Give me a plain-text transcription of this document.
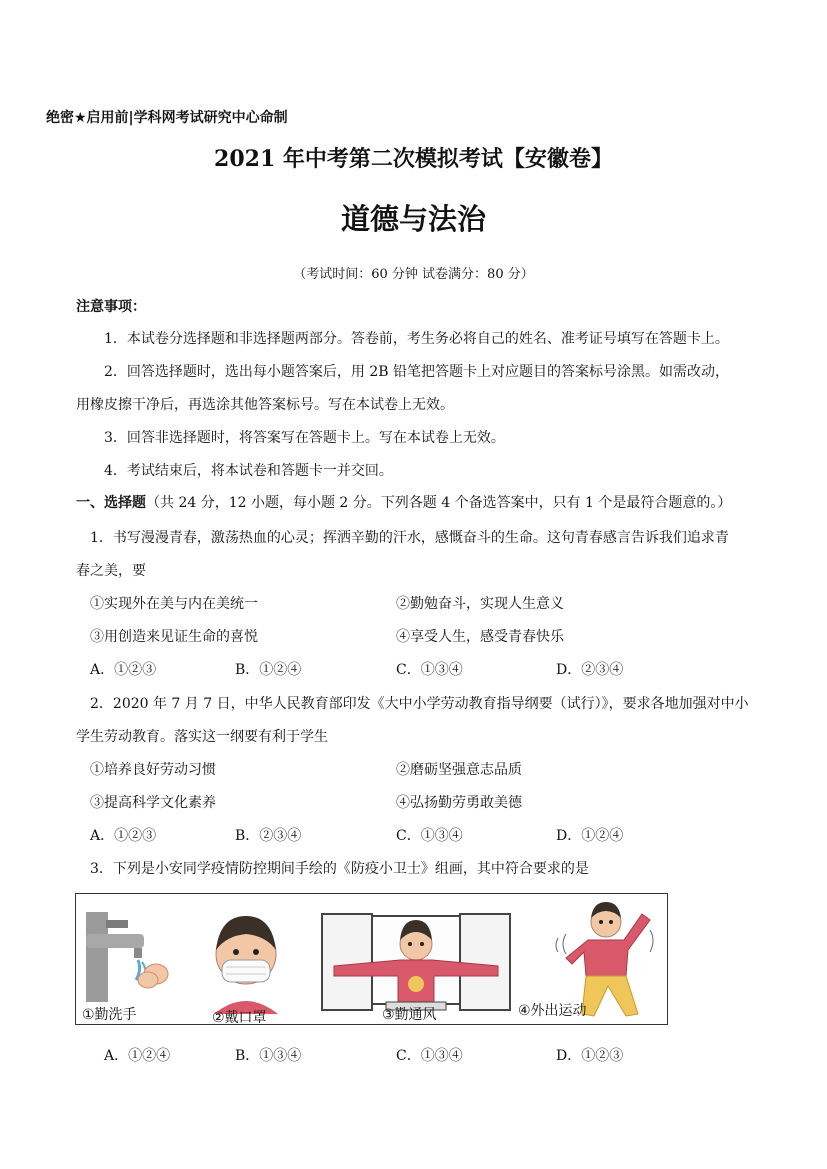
绝密★启用前|学科网考试研究中心命制
2021 年中考第二次模拟考试【安徽卷】
道德与法治
（考试时间：60 分钟 试卷满分：80 分）
注意事项：
1．本试卷分选择题和非选择题两部分。答卷前，考生务必将自己的姓名、准考证号填写在答题卡上。
2．回答选择题时，选出每小题答案后，用 2B 铅笔把答题卡上对应题目的答案标号涂黑。如需改动，
用橡皮擦干净后，再选涂其他答案标号。写在本试卷上无效。
3．回答非选择题时，将答案写在答题卡上。写在本试卷上无效。
4．考试结束后，将本试卷和答题卡一并交回。
一、选择题（共 24 分，12 小题，每小题 2 分。下列各题 4 个备选答案中，只有 1 个是最符合题意的。）
1．书写漫漫青春，激荡热血的心灵；挥洒辛勤的汗水，感慨奋斗的生命。这句青春感言告诉我们追求青
春之美，要
①实现外在美与内在美统一	②勤勉奋斗，实现人生意义
③用创造来见证生命的喜悦	④享受人生，感受青春快乐
A．①②③	B．①②④	C．①③④	D．②③④
2．2020 年 7 月 7 日，中华人民教育部印发《大中小学劳动教育指导纲要（试行）》，要求各地加强对中小
学生劳动教育。落实这一纲要有利于学生
①培养良好劳动习惯	②磨砺坚强意志品质
③提高科学文化素养	④弘扬勤劳勇敢美德
A．①②③	B．②③④	C．①③④	D．①②④
3．下列是小安同学疫情防控期间手绘的《防疫小卫士》组画，其中符合要求的是
①勤洗手	②戴口罩	③勤通风	④外出运动
A．①②④	B．①③④	C．①③④	D．①②③
